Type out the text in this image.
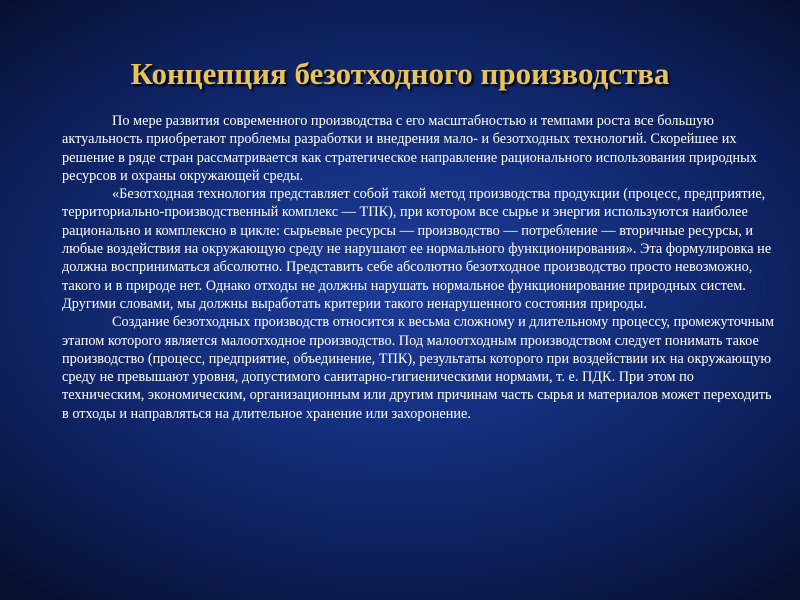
Концепция безотходного производства

По мере развития современного производства с его масштабностью и темпами роста все большую актуальность приобретают проблемы разработки и внедрения мало- и безотходных технологий. Скорейшее их решение в ряде стран рассматривается как стратегическое направление рационального использования природных ресурсов и охраны окружающей среды.

«Безотходная технология представляет собой такой метод производства продукции (процесс, предприятие, территориально-производственный комплекс — ТПК), при котором все сырье и энергия используются наиболее рационально и комплексно в цикле: сырьевые ресурсы — производство — потребление — вторичные ресурсы, и любые воздействия на окружающую среду не нарушают ее нормального функционирования». Эта формулировка не должна восприниматься абсолютно. Представить себе абсолютно безотходное производство просто невозможно, такого и в природе нет. Однако отходы не должны нарушать нормальное функционирование природных систем. Другими словами, мы должны выработать критерии такого ненарушенного состояния природы.

Создание безотходных производств относится к весьма сложному и длительному процессу, промежуточным этапом которого является малоотходное производство. Под малоотходным производством следует понимать такое производство (процесс, предприятие, объединение, ТПК), результаты которого при воздействии их на окружающую среду не превышают уровня, допустимого санитарно-гигиеническими нормами, т. е. ПДК. При этом по техническим, экономическим, организационным или другим причинам часть сырья и материалов может переходить в отходы и направляться на длительное хранение или захоронение.
